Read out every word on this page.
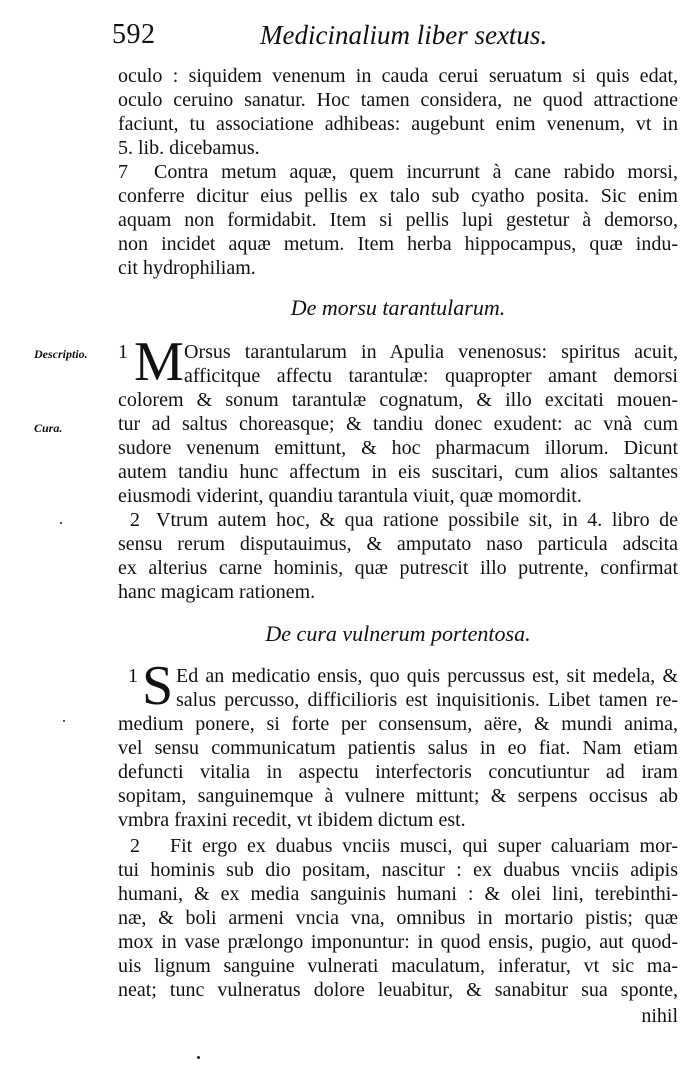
592	Medicinalium liber sextus.
oculo : siquidem venenum in cauda cerui seruatum si quis edat,
oculo ceruino sanatur. Hoc tamen considera, ne quod attractione
faciunt, tu associatione adhibeas: augebunt enim venenum, vt in
5. lib. dicebamus.
7	Contra metum aquæ, quem incurrunt à cane rabido morsi,
conferre dicitur eius pellis ex talo sub cyatho posita. Sic enim
aquam non formidabit. Item si pellis lupi gestetur à demorso,
non incidet aquæ metum. Item herba hippocampus, quæ indu-
cit hydrophiliam.
De morsu tarantularum.
Descriptio.
Cura.
1 M Orsus tarantularum in Apulia venenosus: spiritus acuit,
afficitque affectu tarantulæ: quapropter amant demorsi
colorem & sonum tarantulæ cognatum, & illo excitati mouen-
tur ad saltus choreasque; & tandiu donec exudent: ac vnà cum
sudore venenum emittunt, & hoc pharmacum illorum. Dicunt
autem tandiu hunc affectum in eis suscitari, cum alios saltantes
eiusmodi viderint, quandiu tarantula viuit, quæ momordit.
2 Vtrum autem hoc, & qua ratione possibile sit, in 4. libro de
sensu rerum disputauimus, & amputato naso particula adscita
ex alterius carne hominis, quæ putrescit illo putrente, confirmat
hanc magicam rationem.
De cura vulnerum portentosa.
1 S Ed an medicatio ensis, quo quis percussus est, sit medela, &
salus percusso, difficilioris est inquisitionis. Libet tamen re-
medium ponere, si forte per consensum, aëre, & mundi anima,
vel sensu communicatum patientis salus in eo fiat. Nam etiam
defuncti vitalia in aspectu interfectoris concutiuntur ad iram
sopitam, sanguinemque à vulnere mittunt; & serpens occisus ab
vmbra fraxini recedit, vt ibidem dictum est.
2	Fit ergo ex duabus vnciis musci, qui super caluariam mor-
tui hominis sub dio positam, nascitur : ex duabus vnciis adipis
humani, & ex media sanguinis humani : & olei lini, terebinthi-
næ, & boli armeni vncia vna, omnibus in mortario pistis; quæ
mox in vase prælongo imponuntur: in quod ensis, pugio, aut quod-
uis lignum sanguine vulnerati maculatum, inferatur, vt sic ma-
neat; tunc vulneratus dolore leuabitur, & sanabitur sua sponte,
nihil
